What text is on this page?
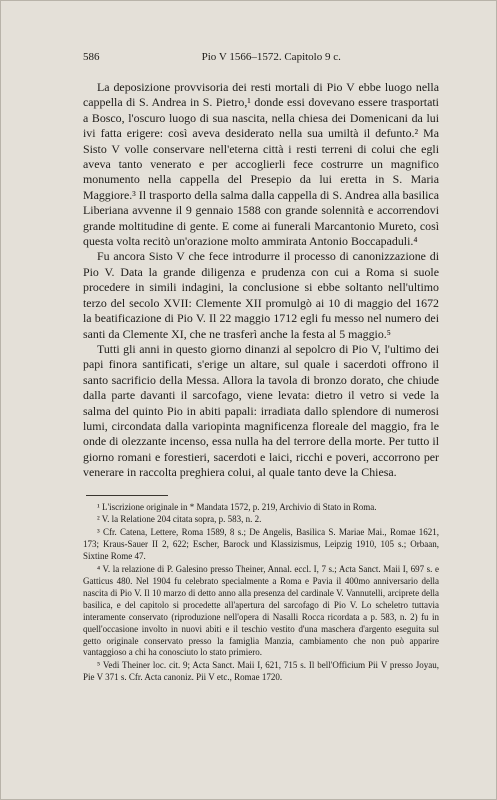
586	Pio V 1566–1572. Capitolo 9 c.

La deposizione provvisoria dei resti mortali di Pio V ebbe luogo nella cappella di S. Andrea in S. Pietro,¹ donde essi dovevano essere trasportati a Bosco, l'oscuro luogo di sua nascita, nella chiesa dei Domenicani da lui ivi fatta erigere: così aveva desiderato nella sua umiltà il defunto.² Ma Sisto V volle conservare nell'eterna città i resti terreni di colui che egli aveva tanto venerato e per accoglierli fece costrurre un magnifico monumento nella cappella del Presepio da lui eretta in S. Maria Maggiore.³ Il trasporto della salma dalla cappella di S. Andrea alla basilica Liberiana avvenne il 9 gennaio 1588 con grande solennità e accorrendovi grande moltitudine di gente. E come ai funerali Marcantonio Mureto, così questa volta recitò un'orazione molto ammirata Antonio Boccapaduli.⁴

Fu ancora Sisto V che fece introdurre il processo di canonizzazione di Pio V. Data la grande diligenza e prudenza con cui a Roma si suole procedere in simili indagini, la conclusione si ebbe soltanto nell'ultimo terzo del secolo XVII: Clemente XII promulgò ai 10 di maggio del 1672 la beatificazione di Pio V. Il 22 maggio 1712 egli fu messo nel numero dei santi da Clemente XI, che ne trasferì anche la festa al 5 maggio.⁵

Tutti gli anni in questo giorno dinanzi al sepolcro di Pio V, l'ultimo dei papi finora santificati, s'erige un altare, sul quale i sacerdoti offrono il santo sacrificio della Messa. Allora la tavola di bronzo dorato, che chiude dalla parte davanti il sarcofago, viene levata: dietro il vetro si vede la salma del quinto Pio in abiti papali: irradiata dallo splendore di numerosi lumi, circondata dalla variopinta magnificenza floreale del maggio, fra le onde di olezzante incenso, essa nulla ha del terrore della morte. Per tutto il giorno romani e forestieri, sacerdoti e laici, ricchi e poveri, accorrono per venerare in raccolta preghiera colui, al quale tanto deve la Chiesa.

¹ L'iscrizione originale in * Mandata 1572, p. 219, Archivio di Stato in Roma.

² V. la Relatione 204 citata sopra, p. 583, n. 2.

³ Cfr. Catena, Lettere, Roma 1589, 8 s.; De Angelis, Basilica S. Mariae Mai., Romae 1621, 173; Kraus-Sauer II 2, 622; Escher, Barock und Klassizismus, Leipzig 1910, 105 s.; Orbaan, Sixtine Rome 47.

⁴ V. la relazione di P. Galesino presso Theiner, Annal. eccl. I, 7 s.; Acta Sanct. Maii I, 697 s. e Gatticus 480. Nel 1904 fu celebrato specialmente a Roma e Pavia il 400mo anniversario della nascita di Pio V. Il 10 marzo di detto anno alla presenza del cardinale V. Vannutelli, arciprete della basilica, e del capitolo si procedette all'apertura del sarcofago di Pio V. Lo scheletro tuttavia interamente conservato (riproduzione nell'opera di Nasalli Rocca ricordata a p. 583, n. 2) fu in quell'occasione involto in nuovi abiti e il teschio vestito d'una maschera d'argento eseguita sul getto originale conservato presso la famiglia Manzia, cambiamento che non può apparire vantaggioso a chi ha conosciuto lo stato primiero.

⁵ Vedi Theiner loc. cit. 9; Acta Sanct. Maii I, 621, 715 s. Il bell'Officium Pii V presso Joyau, Pie V 371 s. Cfr. Acta canoniz. Pii V etc., Romae 1720.
